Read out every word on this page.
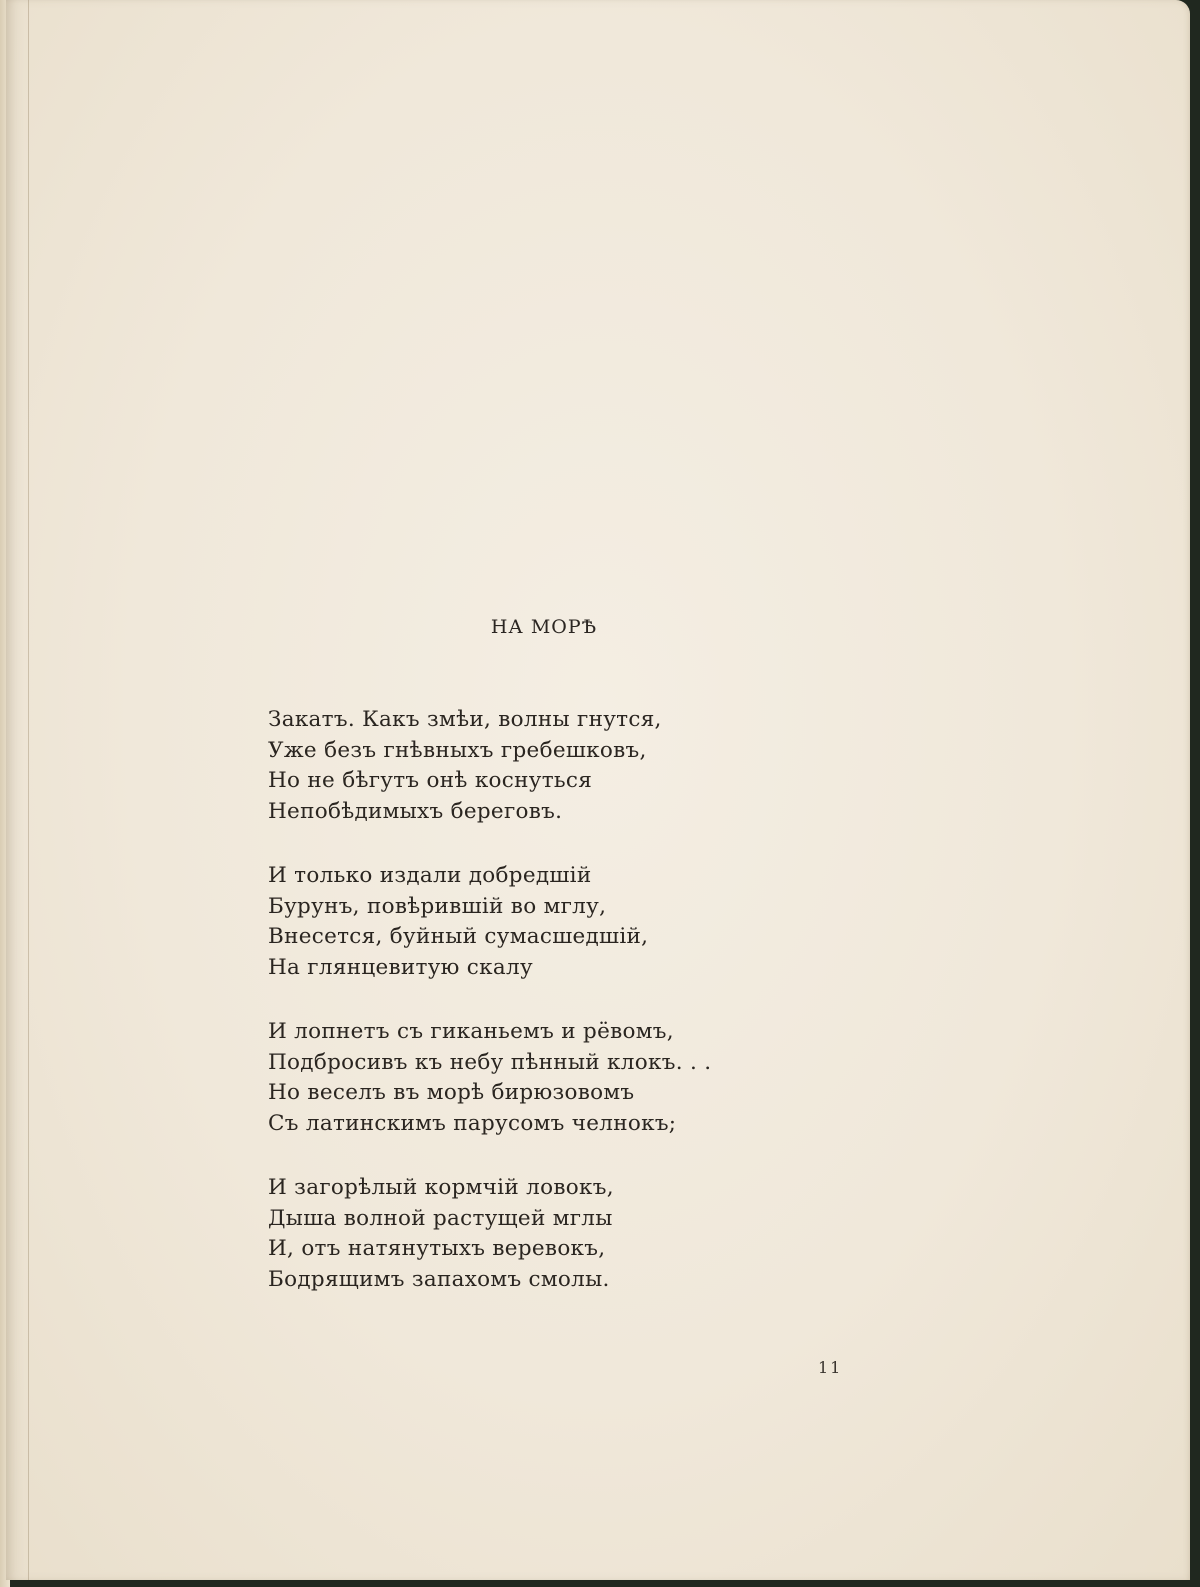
НА МОРѢ
Закатъ. Какъ змѣи, волны гнутся,
Уже безъ гнѣвныхъ гребешковъ,
Но не бѣгутъ онѣ коснуться
Непобѣдимыхъ береговъ.
И только издали добредшій
Бурунъ, повѣрившій во мглу,
Внесется, буйный сумасшедшій,
На глянцевитую скалу
И лопнетъ съ гиканьемъ и рёвомъ,
Подбросивъ къ небу пѣнный клокъ. . .
Но веселъ въ морѣ бирюзовомъ
Съ латинскимъ парусомъ челнокъ;
И загорѣлый кормчій ловокъ,
Дыша волной растущей мглы
И, отъ натянутыхъ веревокъ,
Бодрящимъ запахомъ смолы.
11
